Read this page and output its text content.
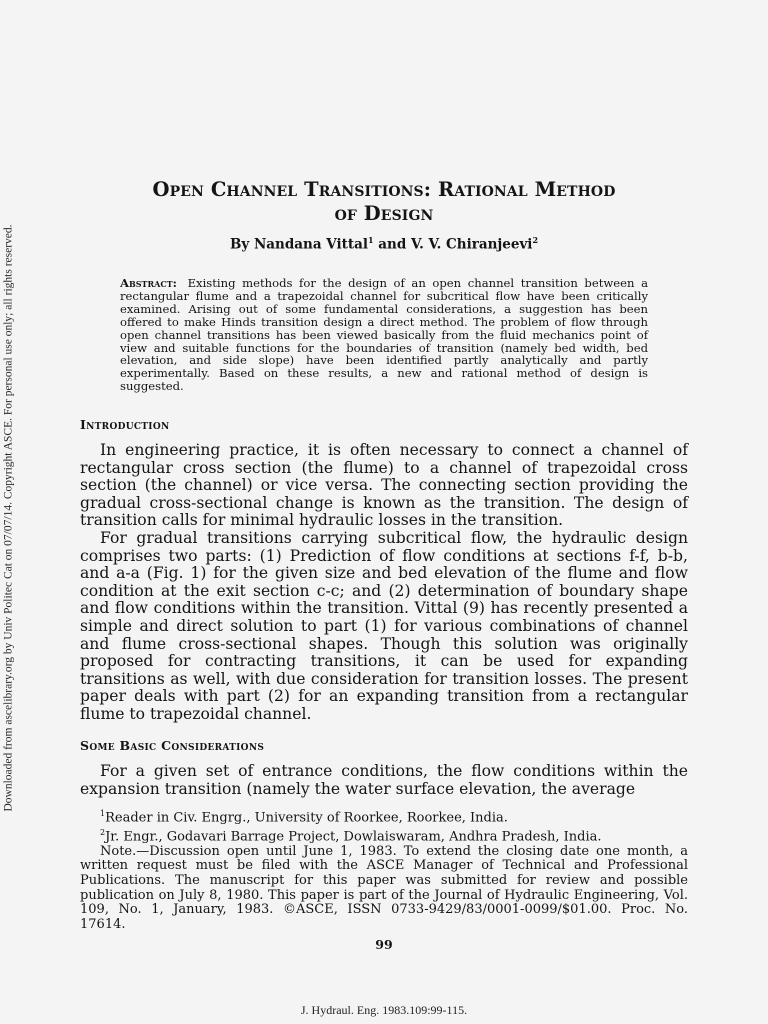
Downloaded from ascelibrary.org by Univ Politec Cat on 07/07/14. Copyright ASCE. For personal use only; all rights reserved.
Open Channel Transitions: Rational Method
of Design
By Nandana Vittal$^1$ and V. V. Chiranjeevi$^2$
Abstract: Existing methods for the design of an open channel transition between a rectangular flume and a trapezoidal channel for subcritical flow have been critically examined. Arising out of some fundamental considerations, a suggestion has been offered to make Hinds transition design a direct method. The problem of flow through open channel transitions has been viewed basically from the fluid mechanics point of view and suitable functions for the boundaries of transition (namely bed width, bed elevation, and side slope) have been identified partly analytically and partly experimentally. Based on these results, a new and rational method of design is suggested.
Introduction

In engineering practice, it is often necessary to connect a channel of rectangular cross section (the flume) to a channel of trapezoidal cross section (the channel) or vice versa. The connecting section providing the gradual cross-sectional change is known as the transition. The design of transition calls for minimal hydraulic losses in the transition.

For gradual transitions carrying subcritical flow, the hydraulic design comprises two parts: (1) Prediction of flow conditions at sections f-f, b-b, and a-a (Fig. 1) for the given size and bed elevation of the flume and flow condition at the exit section c-c; and (2) determination of boundary shape and flow conditions within the transition. Vittal (9) has recently presented a simple and direct solution to part (1) for various combinations of channel and flume cross-sectional shapes. Though this solution was originally proposed for contracting transitions, it can be used for expanding transitions as well, with due consideration for transition losses. The present paper deals with part (2) for an expanding transition from a rectangular flume to trapezoidal channel.

Some Basic Considerations

For a given set of entrance conditions, the flow conditions within the expansion transition (namely the water surface elevation, the average

$^1$Reader in Civ. Engrg., University of Roorkee, Roorkee, India.

$^2$Jr. Engr., Godavari Barrage Project, Dowlaiswaram, Andhra Pradesh, India.

Note.—Discussion open until June 1, 1983. To extend the closing date one month, a written request must be filed with the ASCE Manager of Technical and Professional Publications. The manuscript for this paper was submitted for review and possible publication on July 8, 1980. This paper is part of the Journal of Hydraulic Engineering, Vol. 109, No. 1, January, 1983. ©ASCE, ISSN 0733-9429/83/0001-0099/$01.00. Proc. No. 17614.

99
J. Hydraul. Eng. 1983.109:99-115.
